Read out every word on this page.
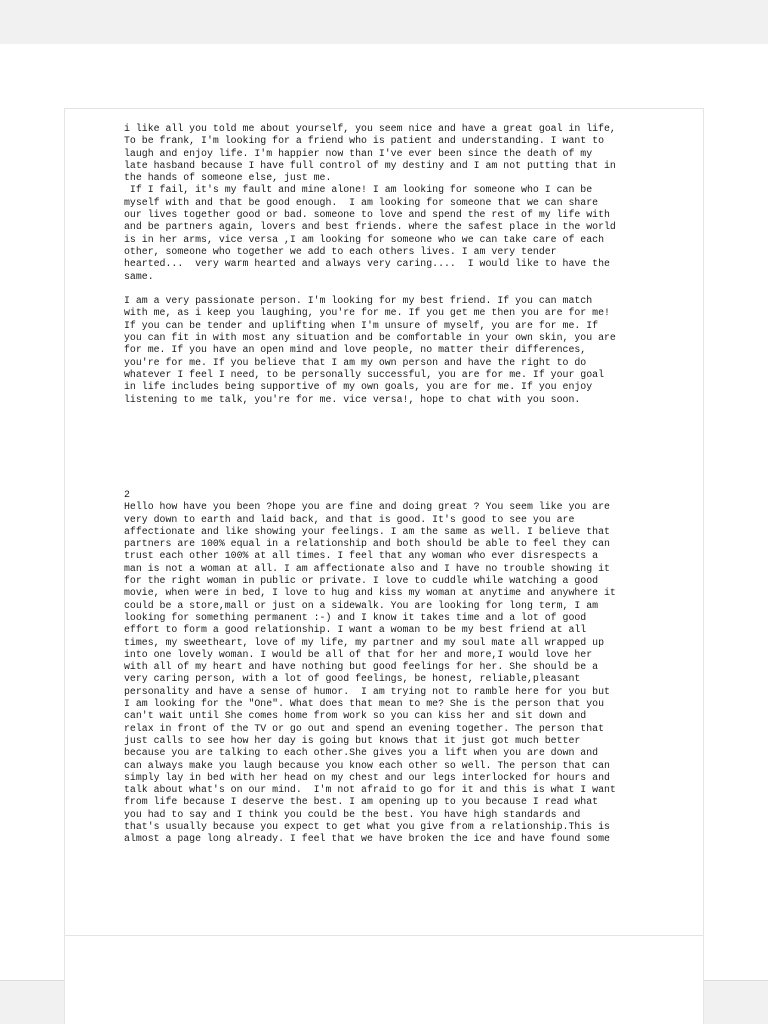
i like all you told me about yourself, you seem nice and have a great goal in life,
To be frank, I'm looking for a friend who is patient and understanding. I want to
laugh and enjoy life. I'm happier now than I've ever been since the death of my
late hasband because I have full control of my destiny and I am not putting that in
the hands of someone else, just me.
If I fail, it's my fault and mine alone! I am looking for someone who I can be
myself with and that be good enough.  I am looking for someone that we can share
our lives together good or bad. someone to love and spend the rest of my life with
and be partners again, lovers and best friends. where the safest place in the world
is in her arms, vice versa ,I am looking for someone who we can take care of each
other, someone who together we add to each others lives. I am very tender
hearted...  very warm hearted and always very caring....  I would like to have the
same.

I am a very passionate person. I'm looking for my best friend. If you can match
with me, as i keep you laughing, you're for me. If you get me then you are for me!
If you can be tender and uplifting when I'm unsure of myself, you are for me. If
you can fit in with most any situation and be comfortable in your own skin, you are
for me. If you have an open mind and love people, no matter their differences,
you're for me. If you believe that I am my own person and have the right to do
whatever I feel I need, to be personally successful, you are for me. If your goal
in life includes being supportive of my own goals, you are for me. If you enjoy
listening to me talk, you're for me. vice versa!, hope to chat with you soon.
2
Hello how have you been ?hope you are fine and doing great ? You seem like you are
very down to earth and laid back, and that is good. It's good to see you are
affectionate and like showing your feelings. I am the same as well. I believe that
partners are 100% equal in a relationship and both should be able to feel they can
trust each other 100% at all times. I feel that any woman who ever disrespects a
man is not a woman at all. I am affectionate also and I have no trouble showing it
for the right woman in public or private. I love to cuddle while watching a good
movie, when were in bed, I love to hug and kiss my woman at anytime and anywhere it
could be a store,mall or just on a sidewalk. You are looking for long term, I am
looking for something permanent :-) and I know it takes time and a lot of good
effort to form a good relationship. I want a woman to be my best friend at all
times, my sweetheart, love of my life, my partner and my soul mate all wrapped up
into one lovely woman. I would be all of that for her and more,I would love her
with all of my heart and have nothing but good feelings for her. She should be a
very caring person, with a lot of good feelings, be honest, reliable,pleasant
personality and have a sense of humor.  I am trying not to ramble here for you but
I am looking for the "One". What does that mean to me? She is the person that you
can't wait until She comes home from work so you can kiss her and sit down and
relax in front of the TV or go out and spend an evening together. The person that
just calls to see how her day is going but knows that it just got much better
because you are talking to each other.She gives you a lift when you are down and
can always make you laugh because you know each other so well. The person that can
simply lay in bed with her head on my chest and our legs interlocked for hours and
talk about what's on our mind.  I'm not afraid to go for it and this is what I want
from life because I deserve the best. I am opening up to you because I read what
you had to say and I think you could be the best. You have high standards and
that's usually because you expect to get what you give from a relationship.This is
almost a page long already. I feel that we have broken the ice and have found some
